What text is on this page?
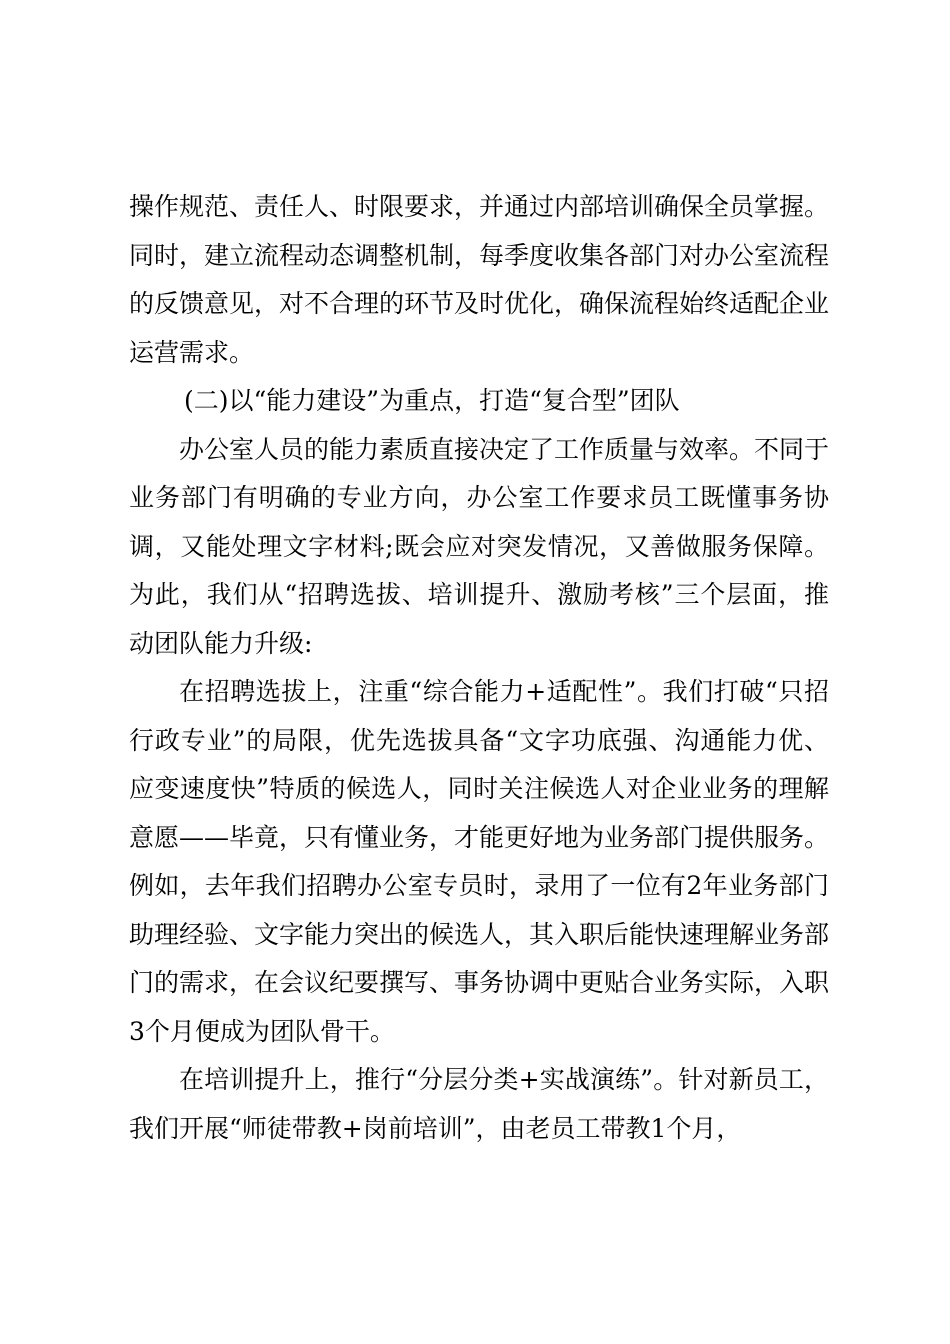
操作规范、责任人、时限要求，并通过内部培训确保全员掌握。同时，建立流程动态调整机制，每季度收集各部门对办公室流程的反馈意见，对不合理的环节及时优化，确保流程始终适配企业运营需求。

(二)以“能力建设”为重点，打造“复合型”团队

办公室人员的能力素质直接决定了工作质量与效率。不同于业务部门有明确的专业方向，办公室工作要求员工既懂事务协调，又能处理文字材料;既会应对突发情况，又善做服务保障。为此，我们从“招聘选拔、培训提升、激励考核”三个层面，推动团队能力升级:

在招聘选拔上，注重“综合能力+适配性”。我们打破“只招行政专业”的局限，优先选拔具备“文字功底强、沟通能力优、应变速度快”特质的候选人，同时关注候选人对企业业务的理解意愿——毕竟，只有懂业务，才能更好地为业务部门提供服务。例如，去年我们招聘办公室专员时，录用了一位有2年业务部门助理经验、文字能力突出的候选人，其入职后能快速理解业务部门的需求，在会议纪要撰写、事务协调中更贴合业务实际，入职3个月便成为团队骨干。

在培训提升上，推行“分层分类+实战演练”。针对新员工，我们开展“师徒带教+岗前培训”，由老员工带教1个月，
